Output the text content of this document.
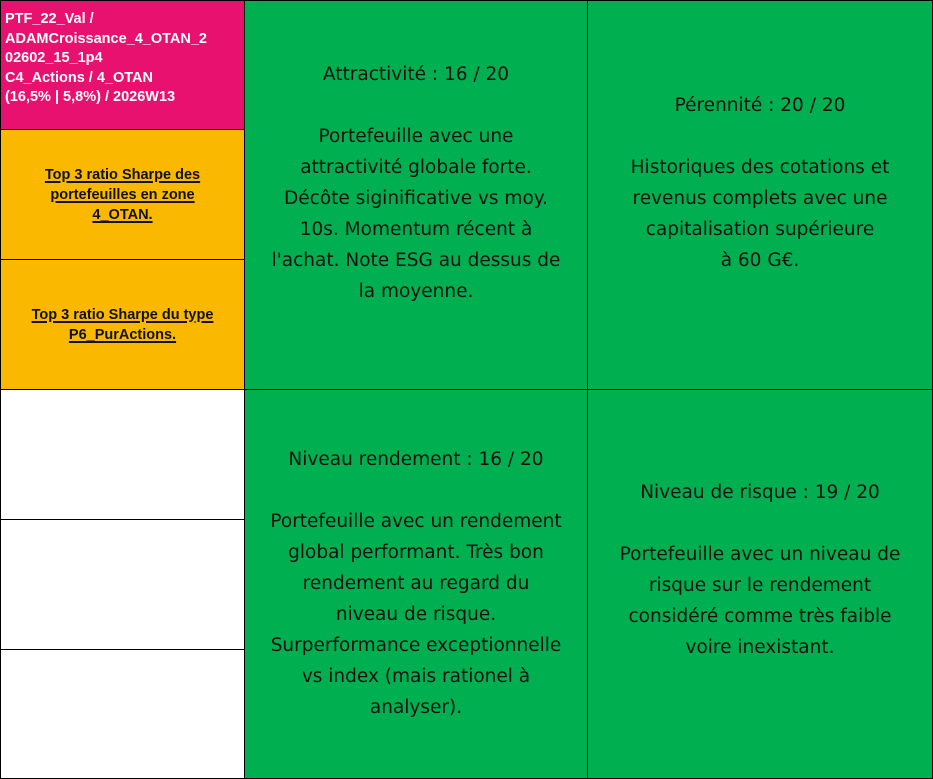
PTF_22_Val /
ADAMCroissance_4_OTAN_2
02602_15_1p4
C4_Actions / 4_OTAN
(16,5% | 5,8%) / 2026W13
Top 3 ratio Sharpe des
portefeuilles en zone
4_OTAN.
Top 3 ratio Sharpe du type
P6_PurActions.
Attractivité : 16 / 20
Portefeuille avec une
attractivité globale forte.
Décôte siginificative vs moy.
10s. Momentum récent à
l'achat. Note ESG au dessus de
la moyenne.
Pérennité : 20 / 20
Historiques des cotations et
revenus complets avec une
capitalisation supérieure
à 60 G€.
Niveau rendement : 16 / 20
Portefeuille avec un rendement
global performant. Très bon
rendement au regard du
niveau de risque.
Surperformance exceptionnelle
vs index (mais rationel à
analyser).
Niveau de risque : 19 / 20
Portefeuille avec un niveau de
risque sur le rendement
considéré comme très faible
voire inexistant.
